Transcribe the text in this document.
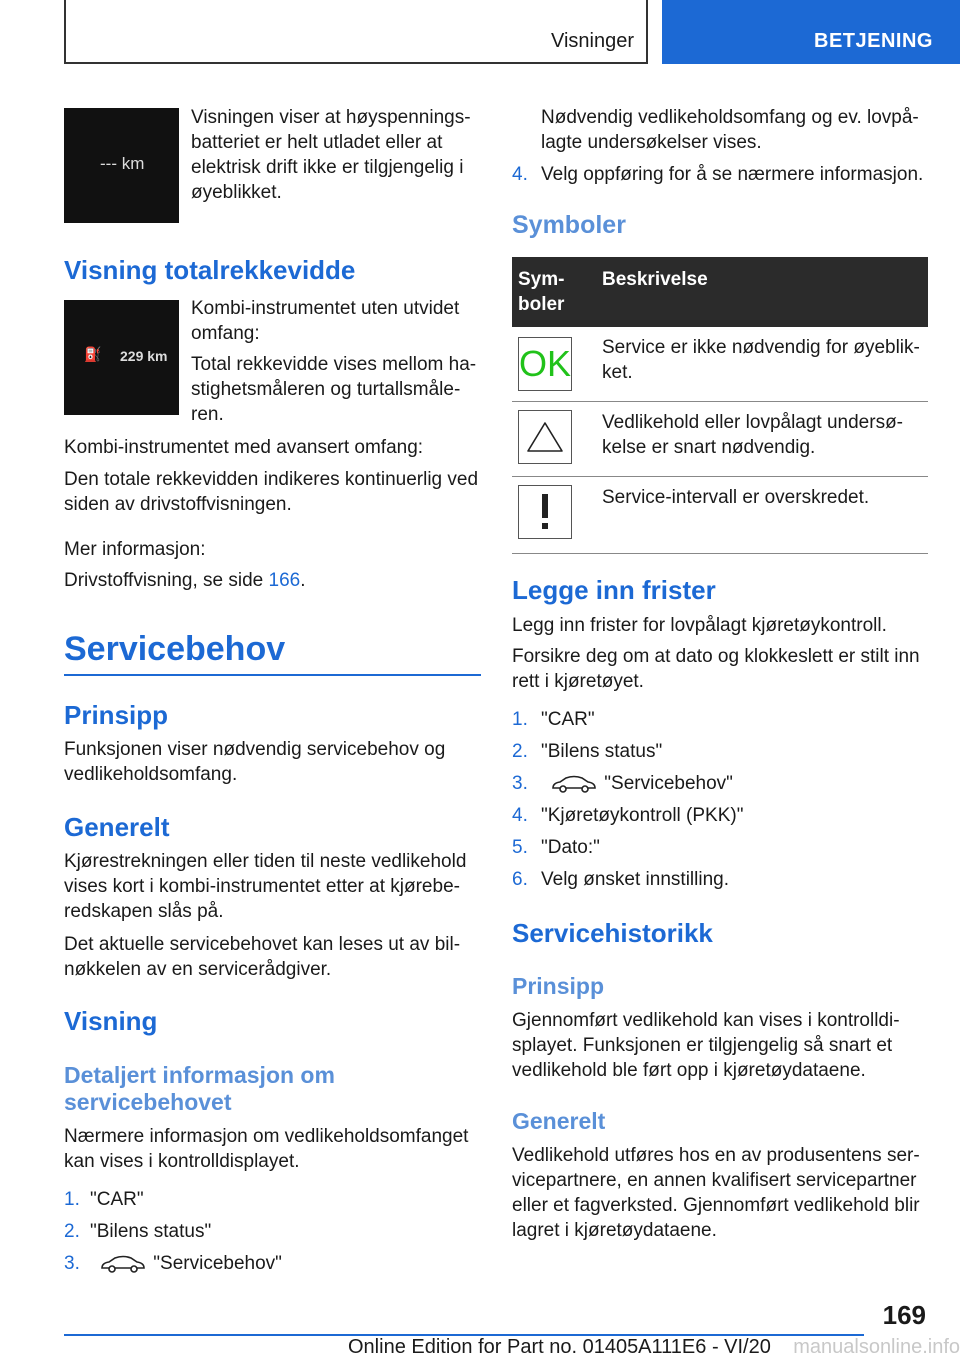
Visninger	BETJENING
--- km

Visningen viser at høyspennings-batteriet er helt utladet eller at elektrisk drift ikke er tilgjengelig i øyeblikket.

Visning totalrekkevidde
⛽ 229 km

Kombi-instrumentet uten utvidet omfang:

Total rekkevidde vises mellom ha-stighetsmåleren og turtallsmåle-ren.

Kombi-instrumentet med avansert omfang:

Den totale rekkevidden indikeres kontinuerlig ved siden av drivstoffvisningen.

Mer informasjon:

Drivstoffvisning, se side 166.

Servicebehov
Prinsipp

Funksjonen viser nødvendig servicebehov og vedlikeholdsomfang.

Generelt

Kjørestrekningen eller tiden til neste vedlikehold vises kort i kombi-instrumentet etter at kjørebe-redskapen slås på.

Det aktuelle servicebehovet kan leses ut av bil-nøkkelen av en servicerådgiver.

Visning
Detaljert informasjon om servicebehovet

Nærmere informasjon om vedlikeholdsomfanget kan vises i kontrolldisplayet.

1. "CAR"
2. "Bilens status"
3.	"Servicebehov"

Nødvendig vedlikeholdsomfang og ev. lovpå-lagte undersøkelser vises.

4. Velg oppføring for å se nærmere informasjon.
Symboler
Sym-boler	Beskrivelse

OK	Service er ikke nødvendig for øyeblik-ket.

	Vedlikehold eller lovpålagt undersø-kelse er snart nødvendig.

	Service-intervall er overskredet.
Legge inn frister

Legg inn frister for lovpålagt kjøretøykontroll.

Forsikre deg om at dato og klokkeslett er stilt inn rett i kjøretøyet.

1. "CAR"
2. "Bilens status"
3.	"Servicebehov"
4. "Kjøretøykontroll (PKK)"
5. "Dato:"
6. Velg ønsket innstilling.
Servicehistorikk
Prinsipp

Gjennomført vedlikehold kan vises i kontrolldi-splayet. Funksjonen er tilgjengelig så snart et vedlikehold ble ført opp i kjøretøydataene.

Generelt

Vedlikehold utføres hos en av produsentens ser-vicepartnere, en annen kvalifisert servicepartner eller et fagverksted. Gjennomført vedlikehold blir lagret i kjøretøydataene.

169
Online Edition for Part no. 01405A111E6 - VI/20 manualsonline.info
